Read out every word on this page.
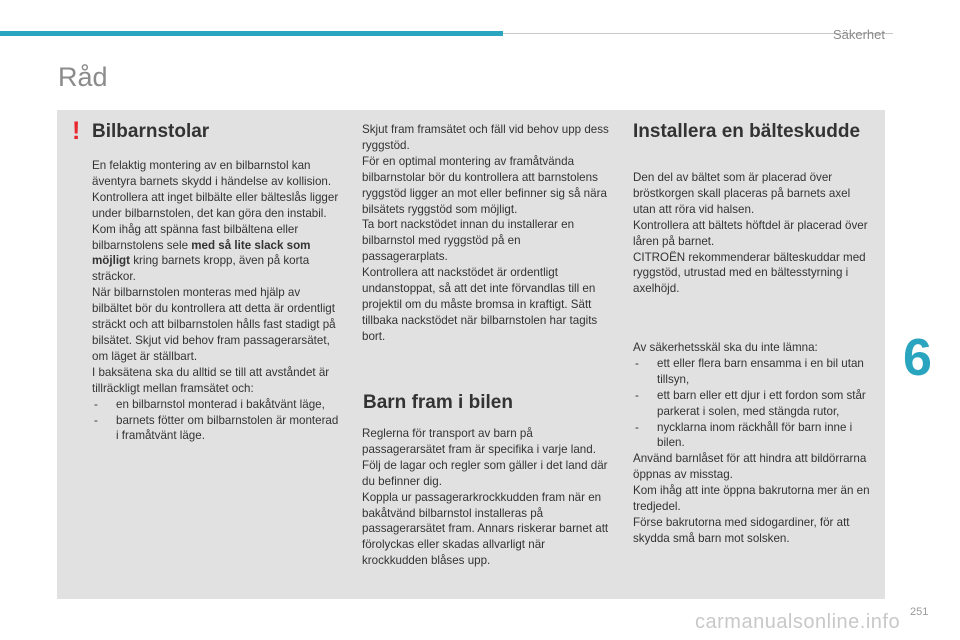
Säkerhet
Råd
! Bilbarnstolar

En felaktig montering av en bilbarnstol kan äventyra barnets skydd i händelse av kollision.

Kontrollera att inget bilbälte eller bälteslås ligger under bilbarnstolen, det kan göra den instabil.

Kom ihåg att spänna fast bilbältena eller bilbarnstolens sele med så lite slack som möjligt kring barnets kropp, även på korta sträckor.

När bilbarnstolen monteras med hjälp av bilbältet bör du kontrollera att detta är ordentligt sträckt och att bilbarnstolen hålls fast stadigt på bilsätet. Skjut vid behov fram passagerarsätet, om läget är ställbart.

I baksätena ska du alltid se till att avståndet är tillräckligt mellan framsätet och:

-	en bilbarnstol monterad i bakåtvänt läge,
-	barnets fötter om bilbarnstolen är monterad i framåtvänt läge.

Skjut fram framsätet och fäll vid behov upp dess ryggstöd.

För en optimal montering av framåtvända bilbarnstolar bör du kontrollera att barnstolens ryggstöd ligger an mot eller befinner sig så nära bilsätets ryggstöd som möjligt.

Ta bort nackstödet innan du installerar en bilbarnstol med ryggstöd på en passagerarplats.

Kontrollera att nackstödet är ordentligt undanstoppat, så att det inte förvandlas till en projektil om du måste bromsa in kraftigt. Sätt tillbaka nackstödet när bilbarnstolen har tagits bort.

Barn fram i bilen

Reglerna för transport av barn på passagerarsätet fram är specifika i varje land. Följ de lagar och regler som gäller i det land där du befinner dig.

Koppla ur passagerarkrockkudden fram när en bakåtvänd bilbarnstol installeras på passagerarsätet fram. Annars riskerar barnet att förolyckas eller skadas allvarligt när krockkudden blåses upp.

Installera en bälteskudde

Den del av bältet som är placerad över bröstkorgen skall placeras på barnets axel utan att röra vid halsen.

Kontrollera att bältets höftdel är placerad över låren på barnet.

CITROËN rekommenderar bälteskuddar med ryggstöd, utrustad med en bältesstyrning i axelhöjd.

Av säkerhetsskäl ska du inte lämna:

-	ett eller flera barn ensamma i en bil utan tillsyn,
-	ett barn eller ett djur i ett fordon som står parkerat i solen, med stängda rutor,
-	nycklarna inom räckhåll för barn inne i bilen.

Använd barnlåset för att hindra att bildörrarna öppnas av misstag.

Kom ihåg att inte öppna bakrutorna mer än en tredjedel.

Förse bakrutorna med sidogardiner, för att skydda små barn mot solsken.

6
carmanualsonline.info 251
